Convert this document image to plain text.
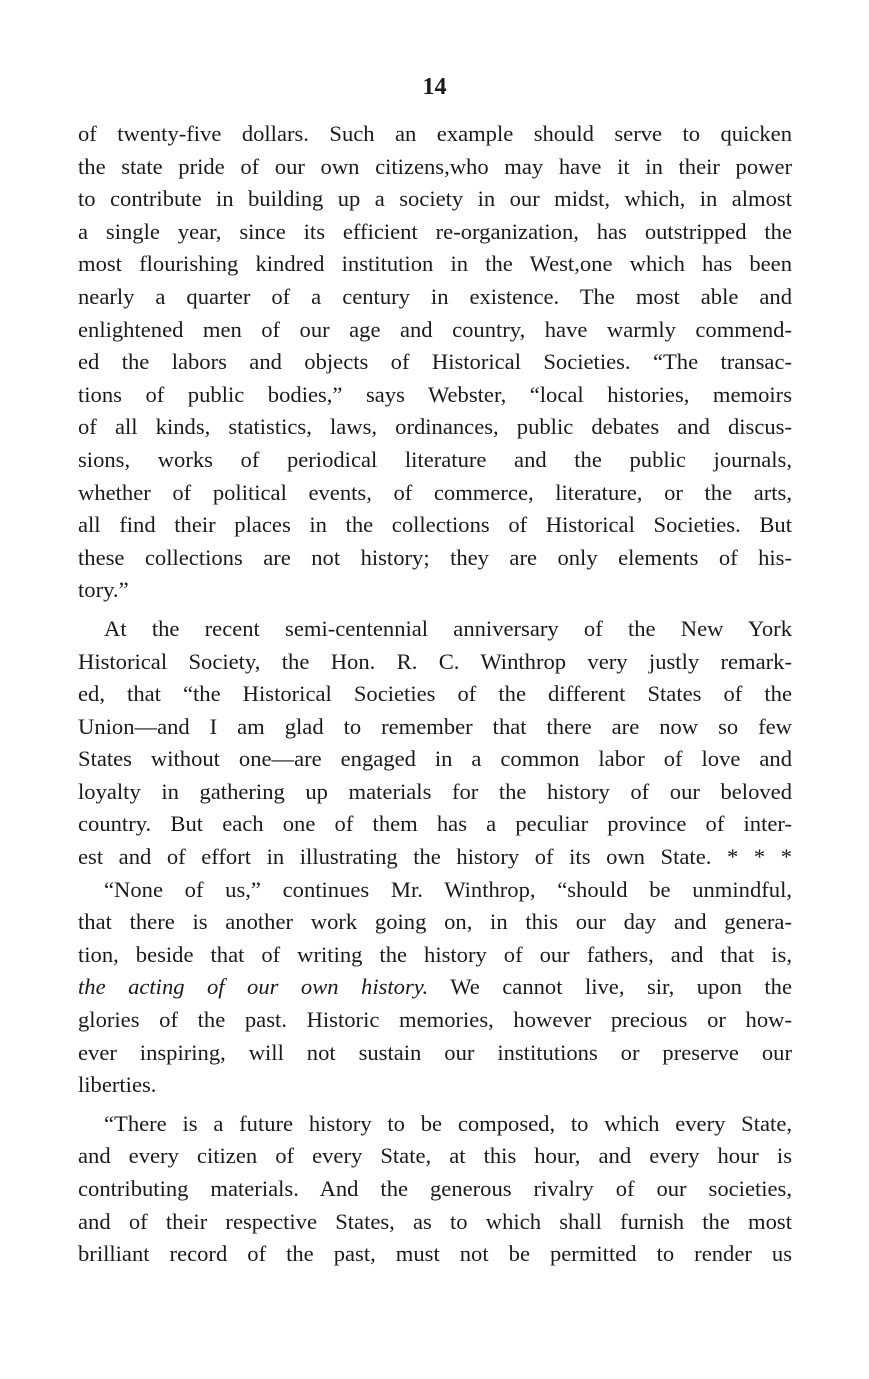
14
of twenty-five dollars. Such an example should serve to quicken
the state pride of our own citizens,who may have it in their power
to contribute in building up a society in our midst, which, in almost
a single year, since its efficient re-organization, has outstripped the
most flourishing kindred institution in the West,one which has been
nearly a quarter of a century in existence. The most able and
enlightened men of our age and country, have warmly commend-
ed the labors and objects of Historical Societies. “The transac-
tions of public bodies,” says Webster, “local histories, memoirs
of all kinds, statistics, laws, ordinances, public debates and discus-
sions, works of periodical literature and the public journals,
whether of political events, of commerce, literature, or the arts,
all find their places in the collections of Historical Societies. But
these collections are not history; they are only elements of his-
tory.”
At the recent semi-centennial anniversary of the New York
Historical Society, the Hon. R. C. Winthrop very justly remark-
ed, that “the Historical Societies of the different States of the
Union—and I am glad to remember that there are now so few
States without one—are engaged in a common labor of love and
loyalty in gathering up materials for the history of our beloved
country. But each one of them has a peculiar province of inter-
est and of effort in illustrating the history of its own State. * * *
“None of us,” continues Mr. Winthrop, “should be unmindful,
that there is another work going on, in this our day and genera-
tion, beside that of writing the history of our fathers, and that is,
the acting of our own history. We cannot live, sir, upon the
glories of the past. Historic memories, however precious or how-
ever inspiring, will not sustain our institutions or preserve our
liberties.
“There is a future history to be composed, to which every State,
and every citizen of every State, at this hour, and every hour is
contributing materials. And the generous rivalry of our societies,
and of their respective States, as to which shall furnish the most
brilliant record of the past, must not be permitted to render us
